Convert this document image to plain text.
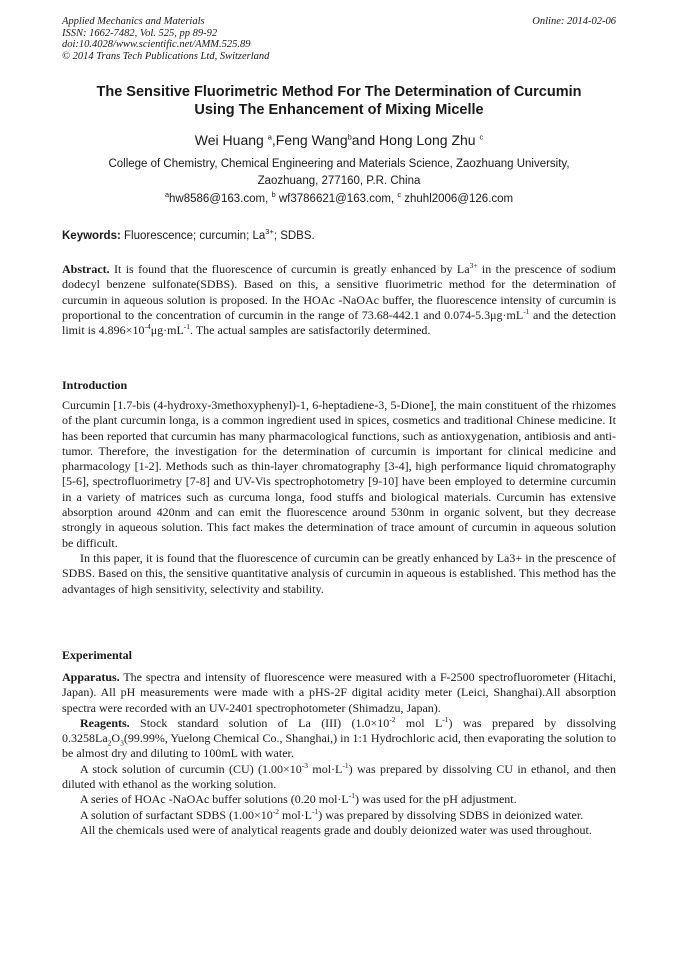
Applied Mechanics and Materials
ISSN: 1662-7482, Vol. 525, pp 89-92
doi:10.4028/www.scientific.net/AMM.525.89
© 2014 Trans Tech Publications Ltd, Switzerland
Online: 2014-02-06
The Sensitive Fluorimetric Method For The Determination of Curcumin
Using The Enhancement of Mixing Micelle
Wei Huang $^a$,Feng Wang$^b$and Hong Long Zhu $^c$
College of Chemistry, Chemical Engineering and Materials Science, Zaozhuang University,
Zaozhuang, 277160, P.R. China
$^a$hw8586@163.com, $^b$ wf3786621@163.com, $^c$ zhuhl2006@126.com
Keywords: Fluorescence; curcumin; $La^{3+}$; SDBS.

Abstract. It is found that the fluorescence of curcumin is greatly enhanced by $La^{3+}$ in the prescence of sodium dodecyl benzene sulfonate(SDBS). Based on this, a sensitive fluorimetric method for the determination of curcumin in aqueous solution is proposed. In the HOAc -NaOAc buffer, the fluorescence intensity of curcumin is proportional to the concentration of curcumin in the range of 73.68-442.1 and $0.074-5.3\mu g\cdot mL^{-1}$ and the detection limit is $4.896\times 10^{-4}\mu g\cdot mL^{-1}$. The actual samples are satisfactorily determined.

Introduction

Curcumin [1.7-bis (4-hydroxy-3methoxyphenyl)-1, 6-heptadiene-3, 5-Dione], the main constituent of the rhizomes of the plant curcumin longa, is a common ingredient used in spices, cosmetics and traditional Chinese medicine. It has been reported that curcumin has many pharmacological functions, such as antioxygenation, antibiosis and anti-tumor. Therefore, the investigation for the determination of curcumin is important for clinical medicine and pharmacology [1-2]. Methods such as thin-layer chromatography [3-4], high performance liquid chromatography [5-6], spectrofluorimetry [7-8] and UV-Vis spectrophotometry [9-10] have been employed to determine curcumin in a variety of matrices such as curcuma longa, food stuffs and biological materials. Curcumin has extensive absorption around 420nm and can emit the fluorescence around 530nm in organic solvent, but they decrease strongly in aqueous solution. This fact makes the determination of trace amount of curcumin in aqueous solution be difficult.

In this paper, it is found that the fluorescence of curcumin can be greatly enhanced by La3+ in the prescence of SDBS. Based on this, the sensitive quantitative analysis of curcumin in aqueous is established. This method has the advantages of high sensitivity, selectivity and stability.

Experimental

Apparatus. The spectra and intensity of fluorescence were measured with a F-2500 spectrofluorometer (Hitachi, Japan). All pH measurements were made with a pHS-2F digital acidity meter (Leici, Shanghai).All absorption spectra were recorded with an UV-2401 spectrophotometer (Shimadzu, Japan).

Reagents. Stock standard solution of La (III) ($1.0\times 10^{-2}$ mol $L^{-1}$) was prepared by dissolving $0.3258La_2O_3(99.99\%$, Yuelong Chemical Co., Shanghai,) in 1:1 Hydrochloric acid, then evaporating the solution to be almost dry and diluting to 100mL with water.

A stock solution of curcumin (CU) ($1.00\times 10^{-3}$ $mol\cdot L^{-1}$) was prepared by dissolving CU in ethanol, and then diluted with ethanol as the working solution.

A series of HOAc -NaOAc buffer solutions (0.20 $mol\cdot L^{-1}$) was used for the pH adjustment.

A solution of surfactant SDBS ($1.00\times 10^{-2}$ $mol\cdot L^{-1}$) was prepared by dissolving SDBS in deionized water.

All the chemicals used were of analytical reagents grade and doubly deionized water was used throughout.
